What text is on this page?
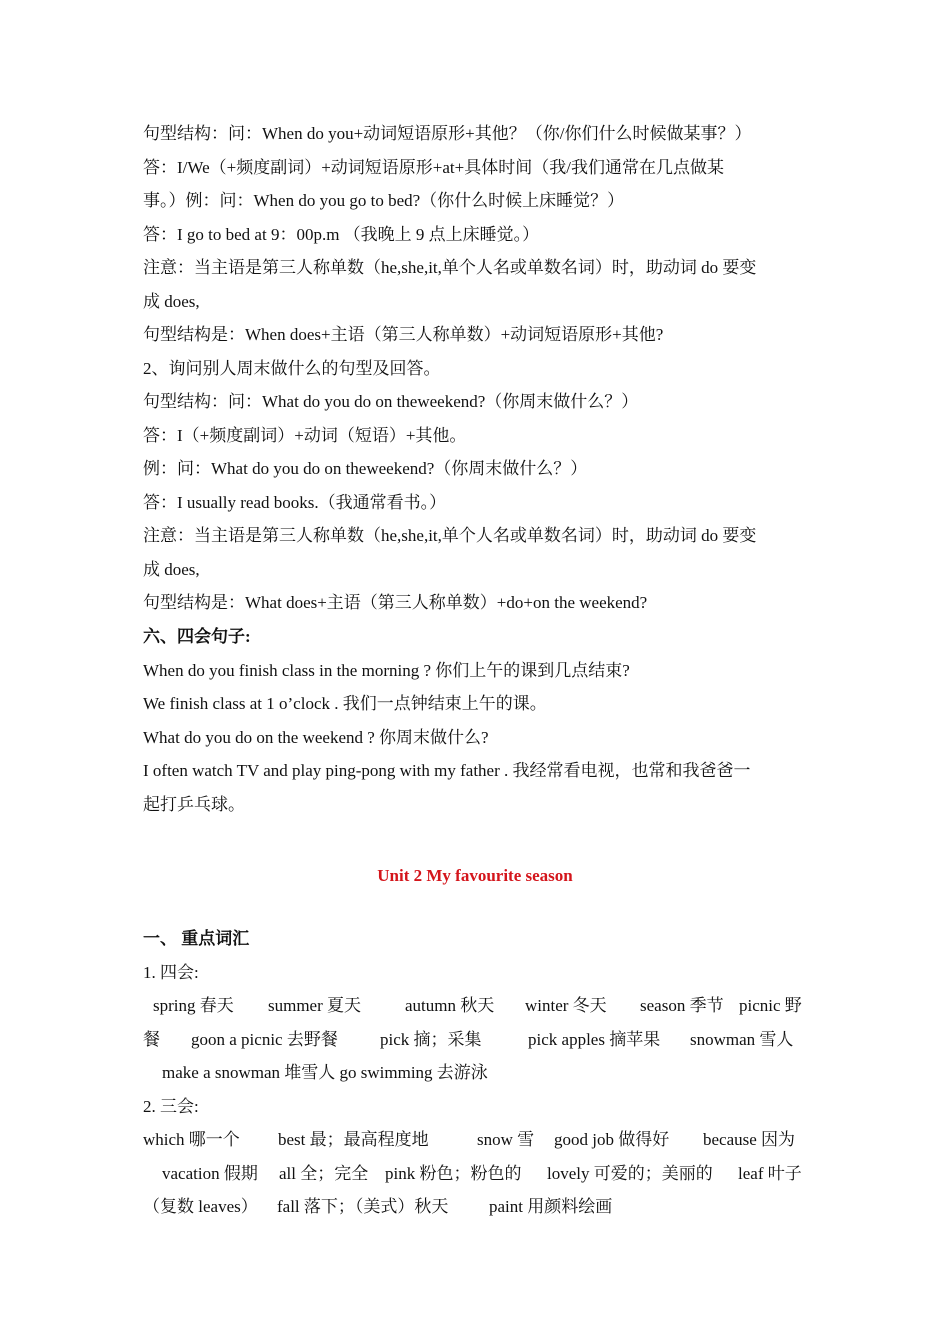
句型结构：问：When do you+动词短语原形+其他？（你/你们什么时候做某事？）
答：I/We（+频度副词）+动词短语原形+at+具体时间（我/我们通常在几点做某
事。）例：问：When do you go to bed?（你什么时候上床睡觉？）
答：I go to bed at 9：00p.m （我晚上 9 点上床睡觉。）
注意：当主语是第三人称单数（he,she,it,单个人名或单数名词）时，助动词 do 要变
成 does,
句型结构是：When does+主语（第三人称单数）+动词短语原形+其他?
2、询问别人周末做什么的句型及回答。
句型结构：问：What do you do on theweekend?（你周末做什么？）
答：I（+频度副词）+动词（短语）+其他。
例：问：What do you do on theweekend?（你周末做什么？）
答：I usually read books.（我通常看书。）
注意：当主语是第三人称单数（he,she,it,单个人名或单数名词）时，助动词 do 要变
成 does,
句型结构是：What does+主语（第三人称单数）+do+on the weekend?
六、四会句子:
When do you finish class in the morning ? 你们上午的课到几点结束?
We finish class at 1 o’clock . 我们一点钟结束上午的课。
What do you do on the weekend ? 你周末做什么?
I often watch TV and play ping-pong with my father . 我经常看电视，也常和我爸爸一
起打乒乓球。
Unit 2 My favourite season
一、 重点词汇
1. 四会:
spring 春天 summer 夏天	autumn 秋天 winter 冬天 season 季节 picnic 野
餐 goon a picnic 去野餐 pick 摘；采集	pick apples 摘苹果 snowman 雪人
make a snowman 堆雪人 go swimming 去游泳
2. 三会:
which 哪一个 best 最；最高程度地	snow 雪 good job 做得好 because 因为
vacation 假期 all 全；完全 pink 粉色；粉色的 lovely 可爱的；美丽的 leaf 叶子
（复数 leaves） fall 落下；（美式）秋天 paint 用颜料绘画
